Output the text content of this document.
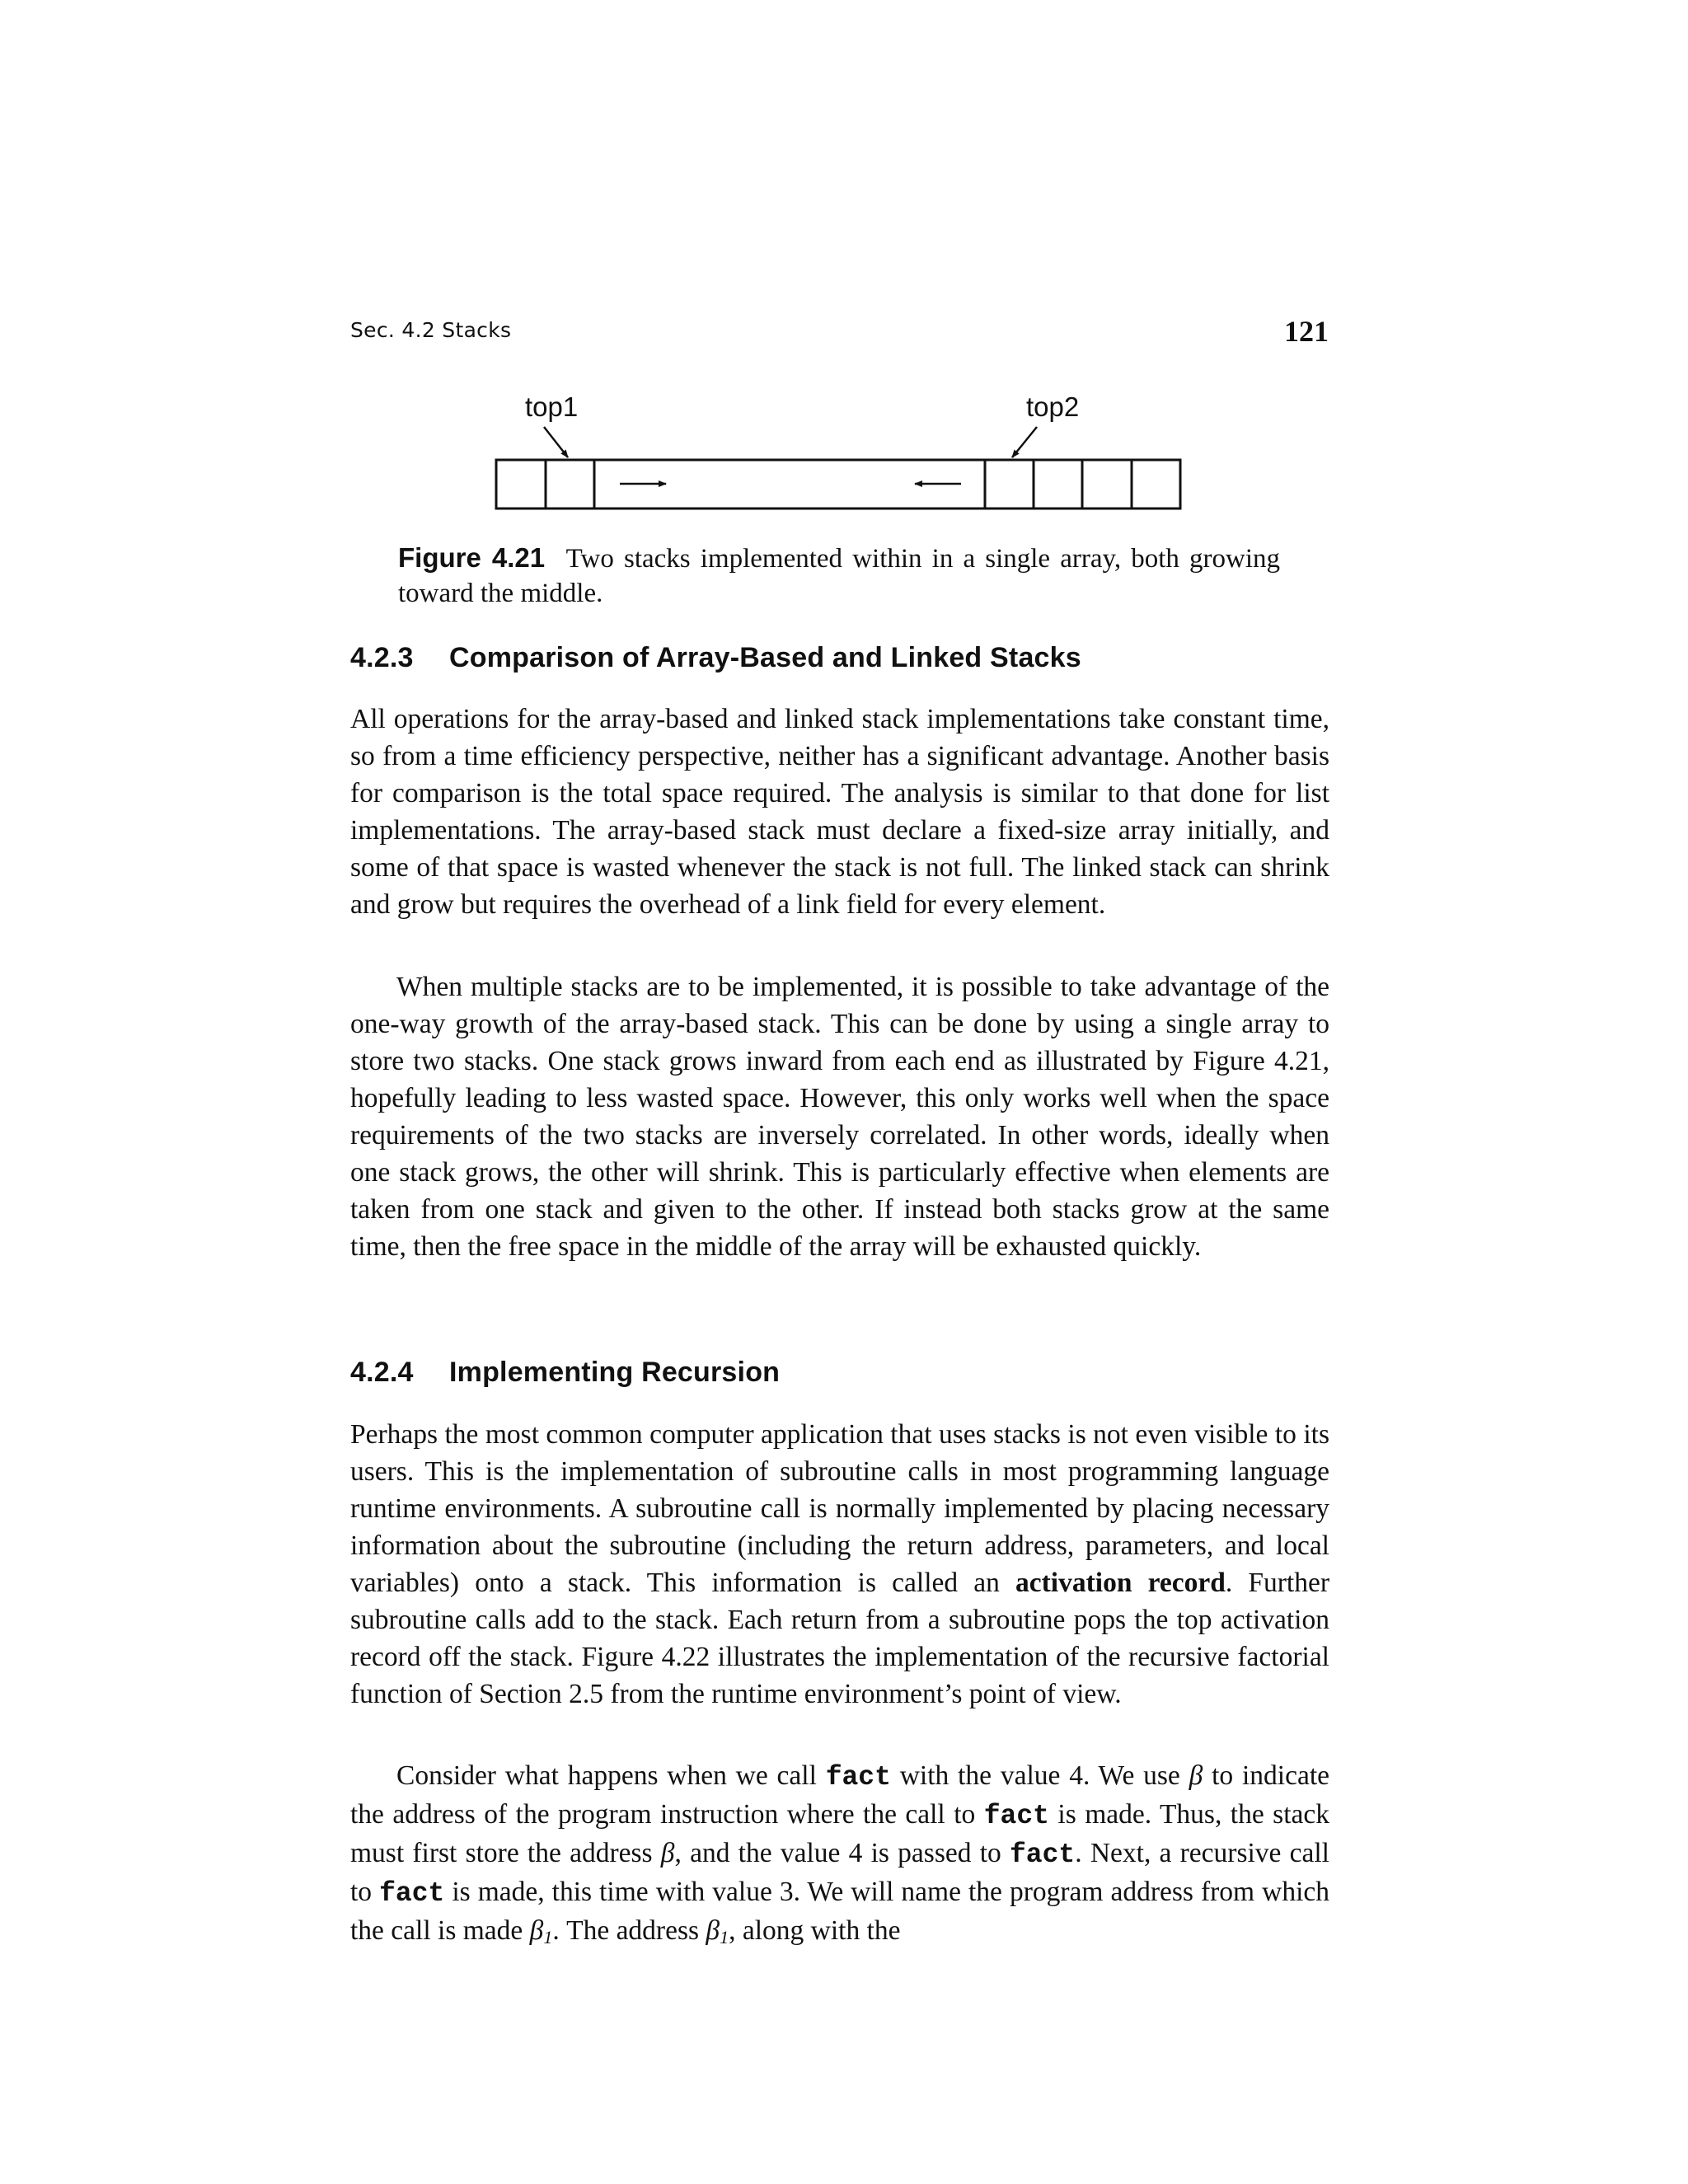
Sec. 4.2 Stacks	121
top1	top2
Figure 4.21 Two stacks implemented within in a single array, both growing toward the middle.
4.2.3 Comparison of Array-Based and Linked Stacks

All operations for the array-based and linked stack implementations take constant time, so from a time efficiency perspective, neither has a significant advantage. Another basis for comparison is the total space required. The analysis is similar to that done for list implementations. The array-based stack must declare a fixed-size array initially, and some of that space is wasted whenever the stack is not full. The linked stack can shrink and grow but requires the overhead of a link field for every element.

When multiple stacks are to be implemented, it is possible to take advantage of the one-way growth of the array-based stack. This can be done by using a single array to store two stacks. One stack grows inward from each end as illustrated by Figure 4.21, hopefully leading to less wasted space. However, this only works well when the space requirements of the two stacks are inversely correlated. In other words, ideally when one stack grows, the other will shrink. This is particularly effective when elements are taken from one stack and given to the other. If instead both stacks grow at the same time, then the free space in the middle of the array will be exhausted quickly.

4.2.4 Implementing Recursion

Perhaps the most common computer application that uses stacks is not even visible to its users. This is the implementation of subroutine calls in most programming language runtime environments. A subroutine call is normally implemented by placing necessary information about the subroutine (including the return address, parameters, and local variables) onto a stack. This information is called an activation record. Further subroutine calls add to the stack. Each return from a subroutine pops the top activation record off the stack. Figure 4.22 illustrates the implementation of the recursive factorial function of Section 2.5 from the runtime environment’s point of view.

Consider what happens when we call fact with the value 4. We use β to indicate the address of the program instruction where the call to fact is made. Thus, the stack must first store the address β, and the value 4 is passed to fact. Next, a recursive call to fact is made, this time with value 3. We will name the program address from which the call is made $\beta_1$. The address $\beta_1$, along with the
